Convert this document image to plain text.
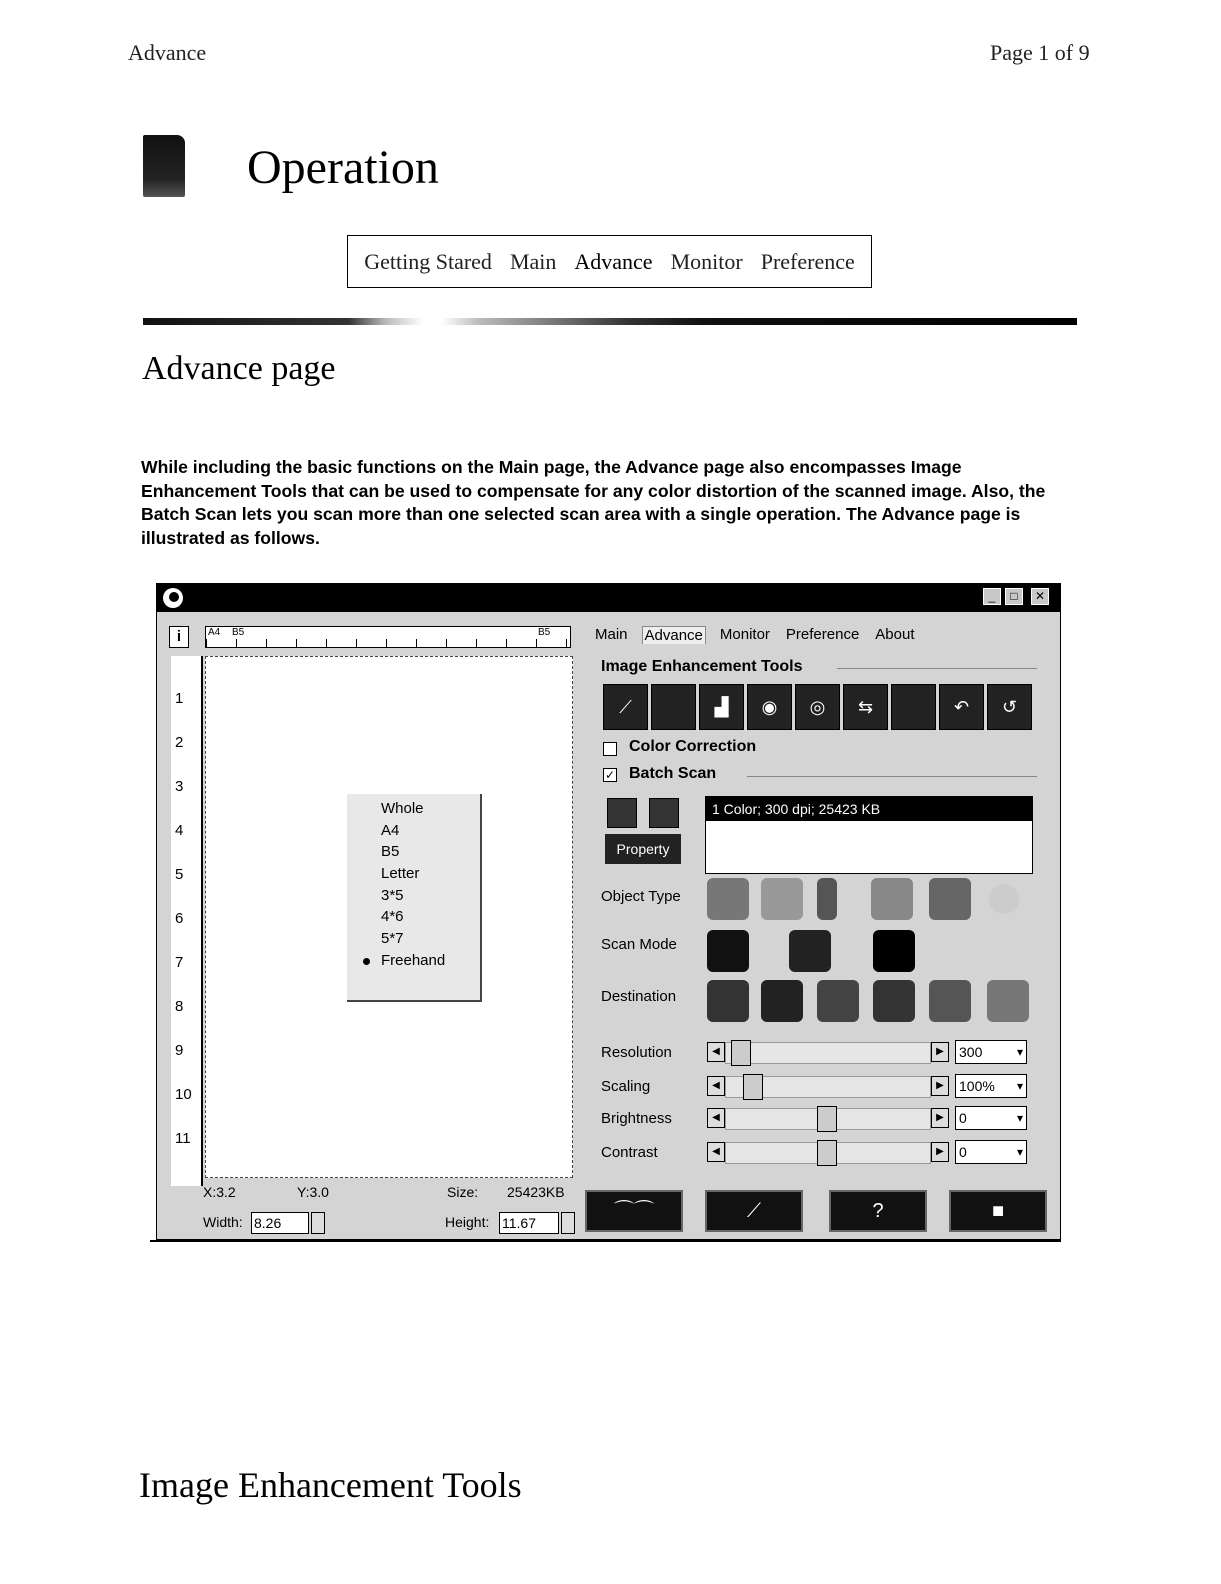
Advance	Page 1 of 9
Operation
Getting Stared Main Advance Monitor Preference
Advance page
While including the basic functions on the Main page, the Advance page also encompasses Image Enhancement Tools that can be used to compensate for any color distortion of the scanned image. Also, the Batch Scan lets you scan more than one selected scan area with a single operation. The Advance page is illustrated as follows.
_	□	✕
i	A4 B5	B5
1
2
3
4
5
6
7
8
9
10
11
Whole
A4
B5
Letter
3*5
4*6
5*7
Freehand
X:3.2	Y:3.0	Size: 25423KB
Width: 8.26	Height: 11.67
Main Advance Monitor Preference About
Image Enhancement Tools
⟋	▟	◉	◎	⇆	↶	↺
Color Correction
✓ Batch Scan
Property
1 Color; 300 dpi; 25423 KB
Object Type
Scan Mode
Destination
Resolution	◀	▶	300 ▾
Scaling	◀	▶	100% ▾
Brightness	◀	▶	0 ▾
Contrast	◀	▶	0 ▾
⌒⌒	⟋	?	■
Image Enhancement Tools
